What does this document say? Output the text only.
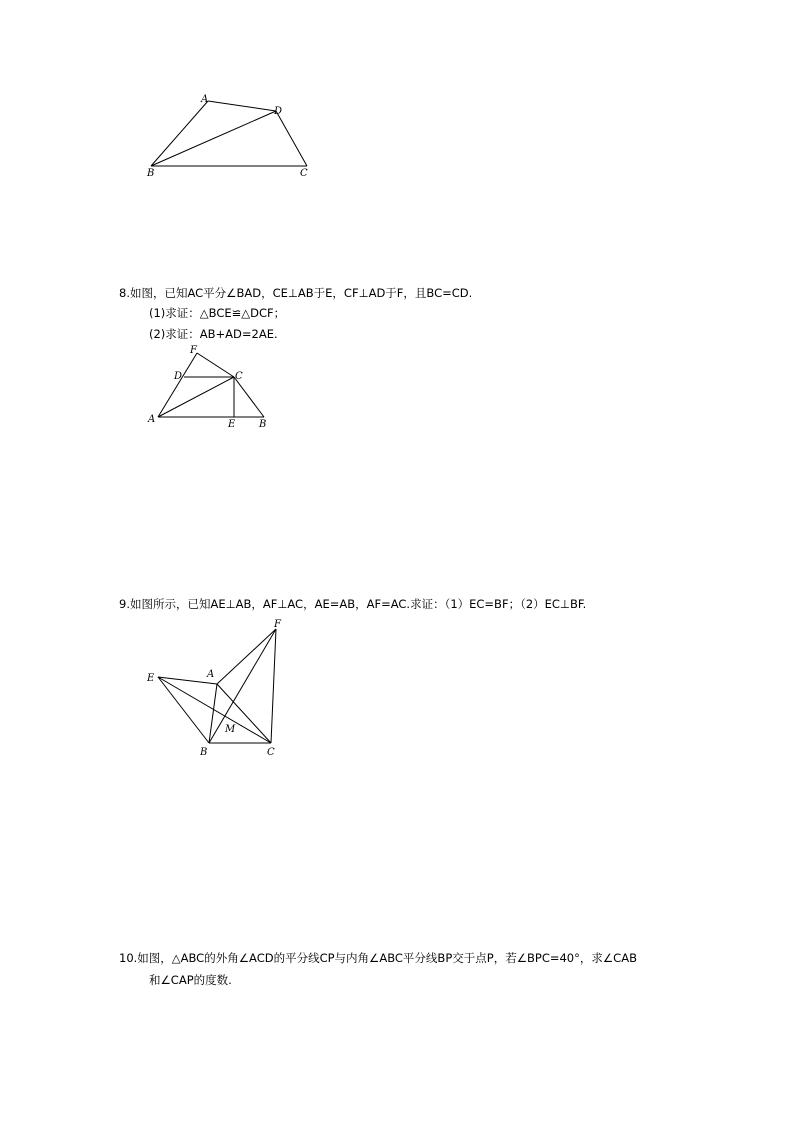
A
D
B	C
8.如图，已知AC平分∠BAD，CE⊥AB于E，CF⊥AD于F，且BC=CD.
(1)求证：△BCE≌△DCF；
(2)求证：AB+AD=2AE.
F
D	C
A	E B
9.如图所示，已知AE⊥AB，AF⊥AC，AE=AB，AF=AC.求证：（1）EC=BF；（2）EC⊥BF.
F
E	A
M
B	C
10.如图，△ABC的外角∠ACD的平分线CP与内角∠ABC平分线BP交于点P，若∠BPC=40°，求∠CAB
和∠CAP的度数.
